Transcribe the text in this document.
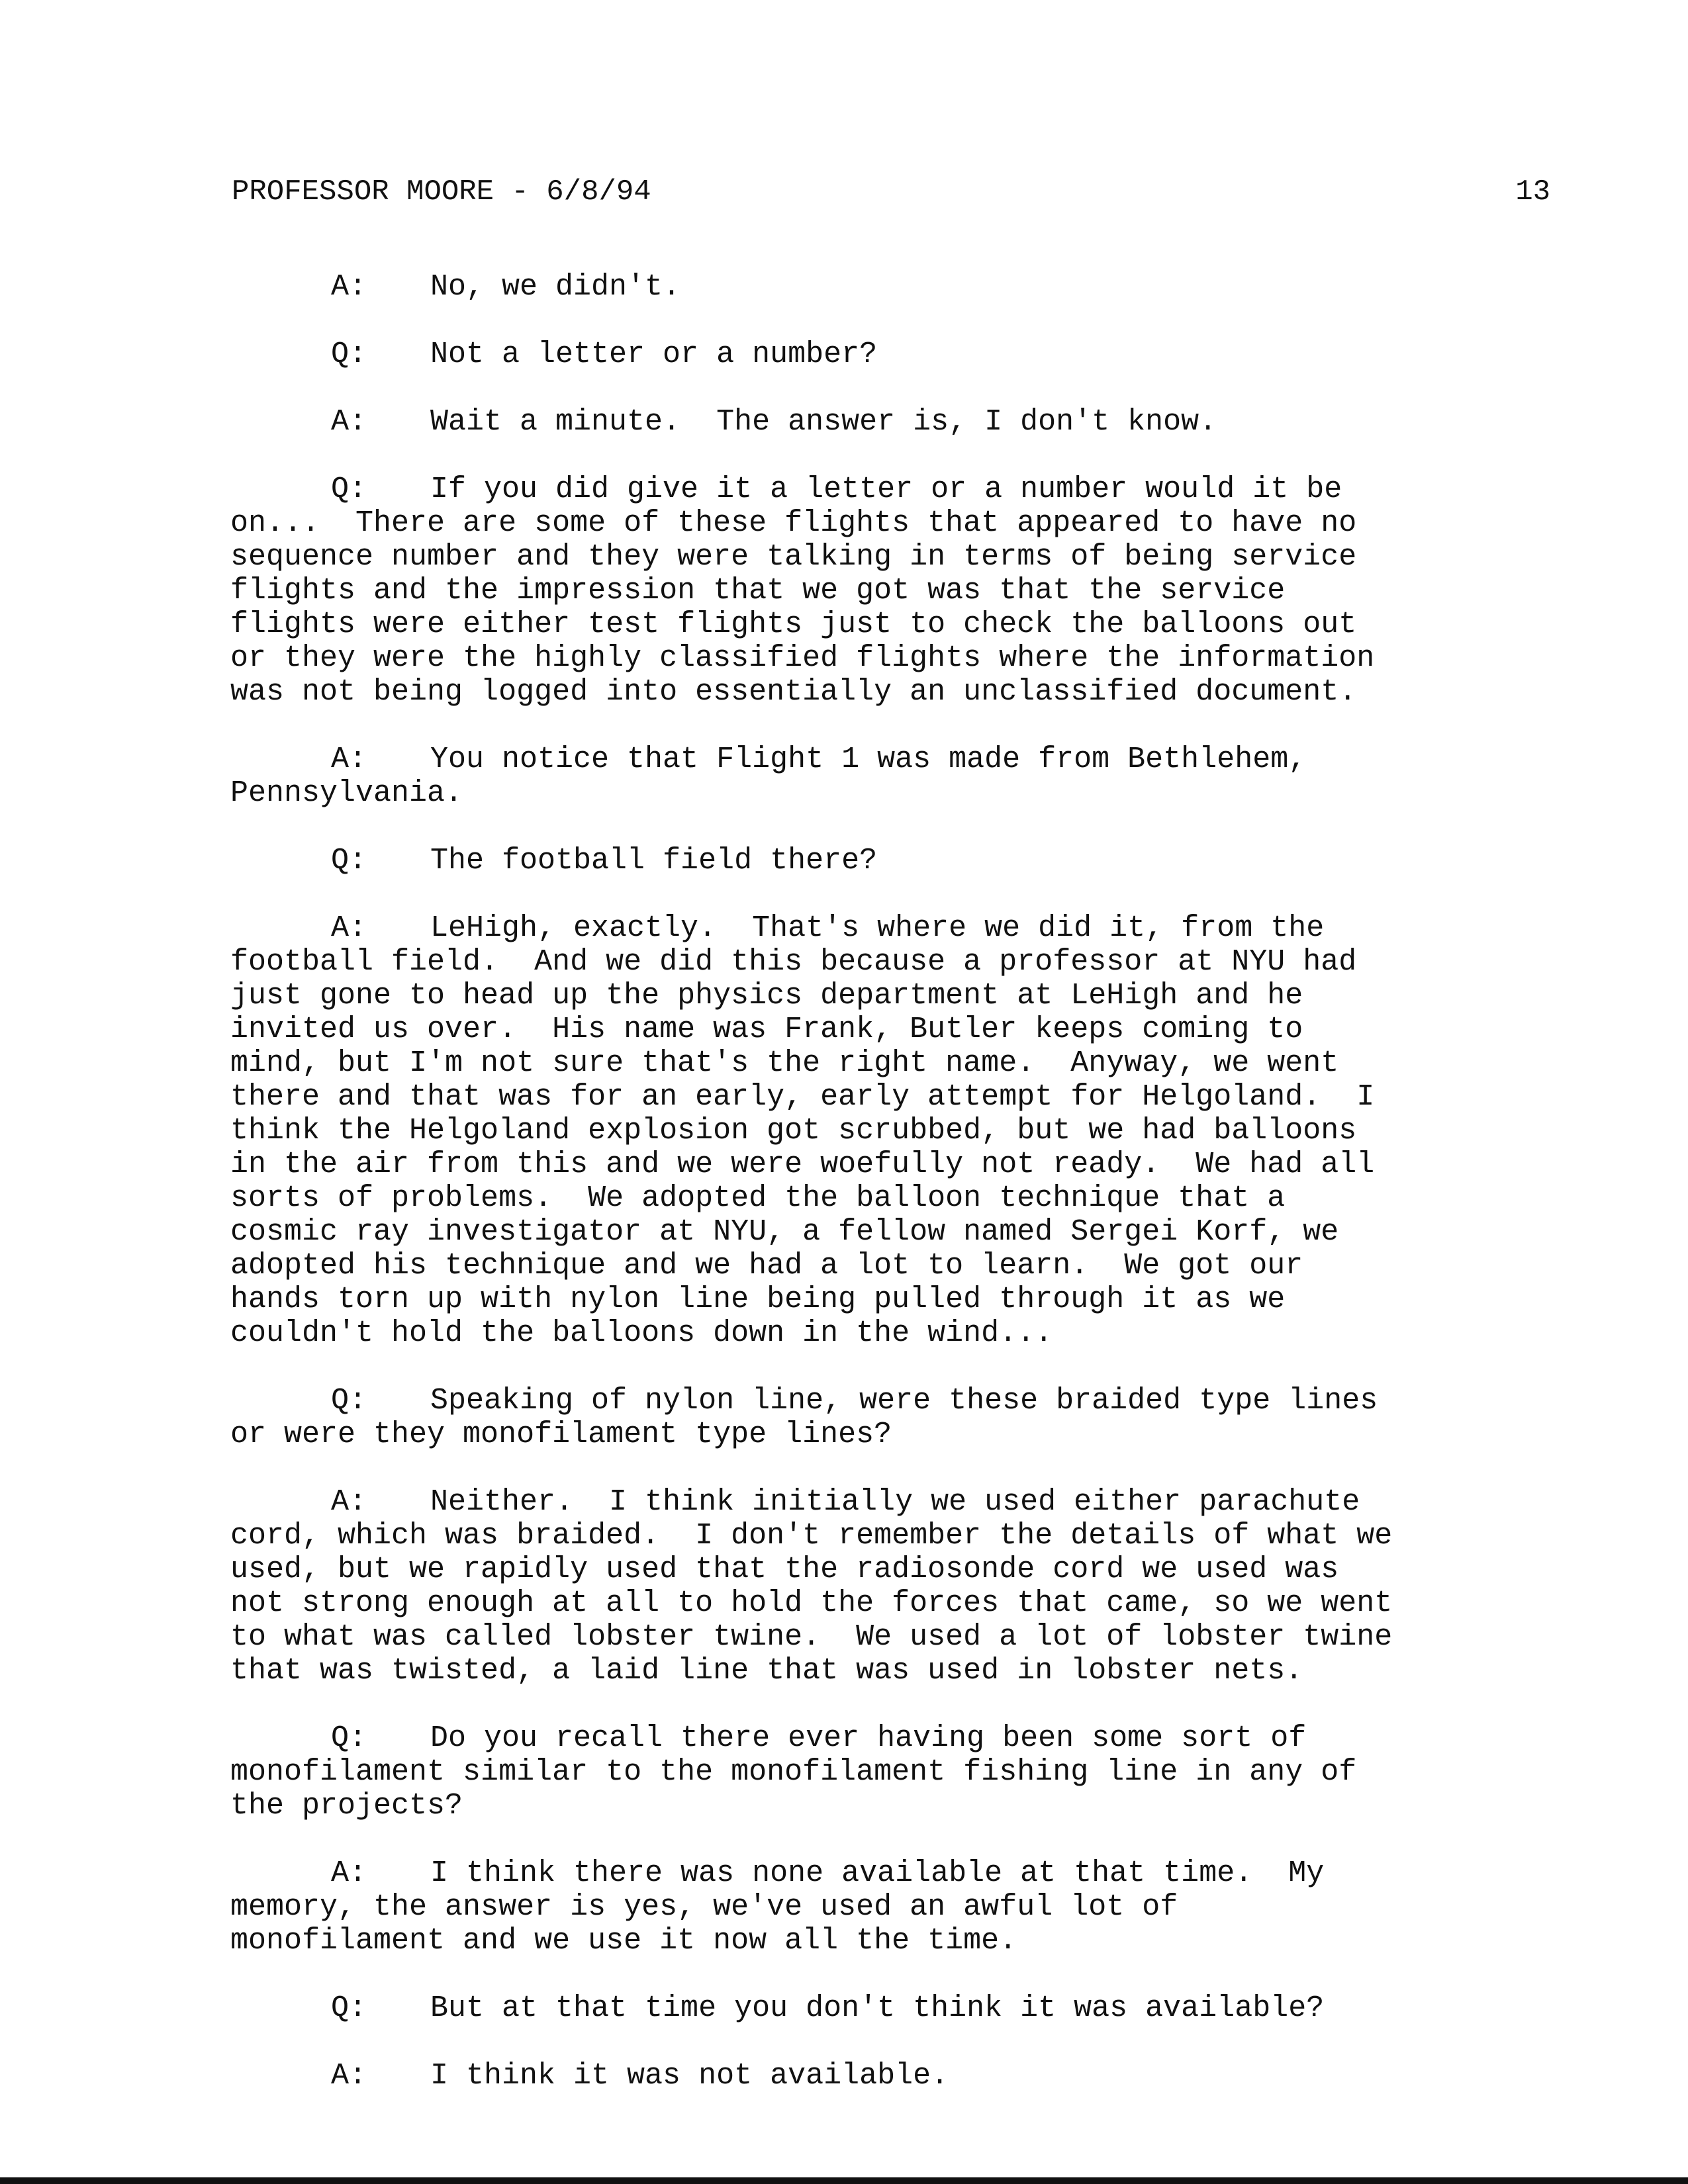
PROFESSOR MOORE - 6/8/94	13
A: No, we didn't.
Q: Not a letter or a number?
A: Wait a minute.  The answer is, I don't know.
Q: If you did give it a letter or a number would it be
on...  There are some of these flights that appeared to have no
sequence number and they were talking in terms of being service
flights and the impression that we got was that the service
flights were either test flights just to check the balloons out
or they were the highly classified flights where the information
was not being logged into essentially an unclassified document.
A: You notice that Flight 1 was made from Bethlehem,
Pennsylvania.
Q: The football field there?
A: LeHigh, exactly.  That's where we did it, from the
football field.  And we did this because a professor at NYU had
just gone to head up the physics department at LeHigh and he
invited us over.  His name was Frank, Butler keeps coming to
mind, but I'm not sure that's the right name.  Anyway, we went
there and that was for an early, early attempt for Helgoland.  I
think the Helgoland explosion got scrubbed, but we had balloons
in the air from this and we were woefully not ready.  We had all
sorts of problems.  We adopted the balloon technique that a
cosmic ray investigator at NYU, a fellow named Sergei Korf, we
adopted his technique and we had a lot to learn.  We got our
hands torn up with nylon line being pulled through it as we
couldn't hold the balloons down in the wind...
Q: Speaking of nylon line, were these braided type lines
or were they monofilament type lines?
A: Neither.  I think initially we used either parachute
cord, which was braided.  I don't remember the details of what we
used, but we rapidly used that the radiosonde cord we used was
not strong enough at all to hold the forces that came, so we went
to what was called lobster twine.  We used a lot of lobster twine
that was twisted, a laid line that was used in lobster nets.
Q: Do you recall there ever having been some sort of
monofilament similar to the monofilament fishing line in any of
the projects?
A: I think there was none available at that time.  My
memory, the answer is yes, we've used an awful lot of
monofilament and we use it now all the time.
Q: But at that time you don't think it was available?
A: I think it was not available.
